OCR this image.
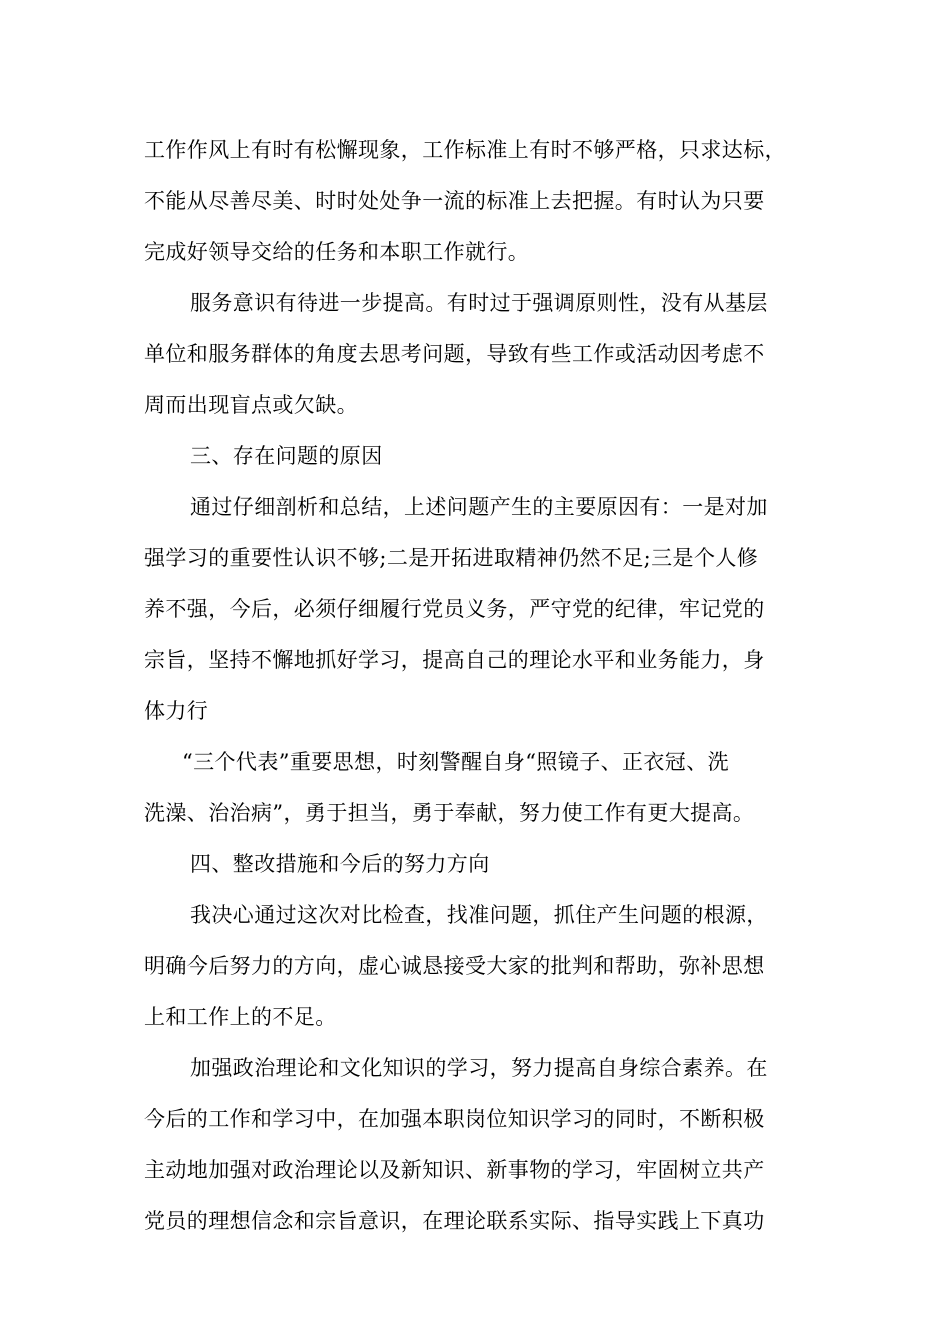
工作作风上有时有松懈现象，工作标准上有时不够严格，只求达标，
不能从尽善尽美、时时处处争一流的标准上去把握。有时认为只要
完成好领导交给的任务和本职工作就行。
服务意识有待进一步提高。有时过于强调原则性，没有从基层
单位和服务群体的角度去思考问题，导致有些工作或活动因考虑不
周而出现盲点或欠缺。
三、存在问题的原因
通过仔细剖析和总结，上述问题产生的主要原因有：一是对加
强学习的重要性认识不够;二是开拓进取精神仍然不足;三是个人修
养不强，今后，必须仔细履行党员义务，严守党的纪律，牢记党的
宗旨，坚持不懈地抓好学习，提高自己的理论水平和业务能力，身
体力行
“三个代表”重要思想，时刻警醒自身“照镜子、正衣冠、洗
洗澡、治治病”，勇于担当，勇于奉献，努力使工作有更大提高。
四、整改措施和今后的努力方向
我决心通过这次对比检查，找准问题，抓住产生问题的根源，
明确今后努力的方向，虚心诚恳接受大家的批判和帮助，弥补思想
上和工作上的不足。
加强政治理论和文化知识的学习，努力提高自身综合素养。在
今后的工作和学习中，在加强本职岗位知识学习的同时，不断积极
主动地加强对政治理论以及新知识、新事物的学习，牢固树立共产
党员的理想信念和宗旨意识，在理论联系实际、指导实践上下真功
